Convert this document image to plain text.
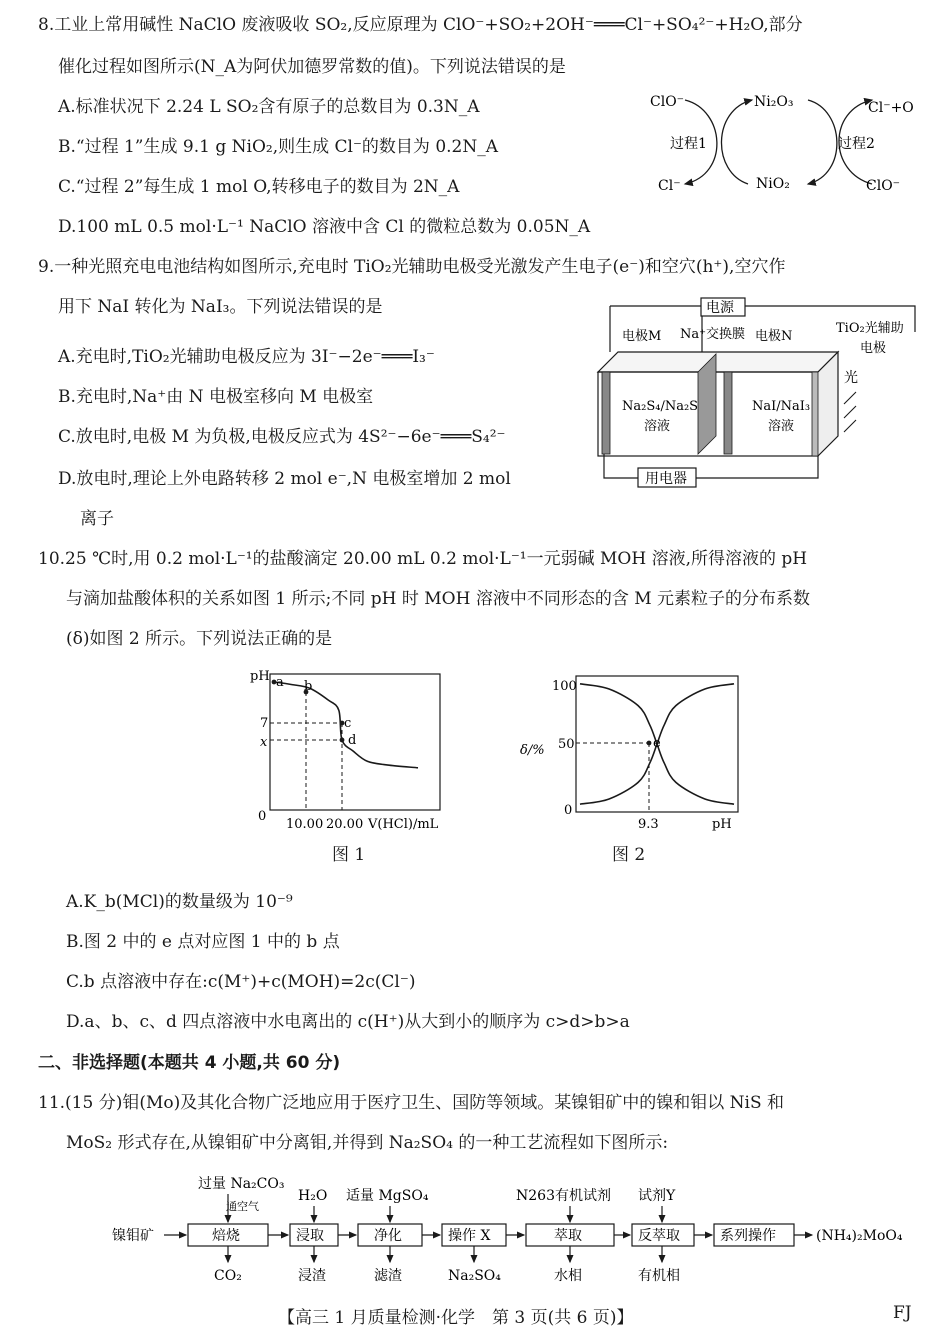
8.工业上常用碱性 NaClO 废液吸收 SO₂,反应原理为 ClO⁻+SO₂+2OH⁻═══Cl⁻+SO₄²⁻+H₂O,部分
催化过程如图所示(N_A为阿伏加德罗常数的值)。下列说法错误的是
A.标准状况下 2.24 L SO₂含有原子的总数目为 0.3N_A
B.“过程 1”生成 9.1 g NiO₂,则生成 Cl⁻的数目为 0.2N_A
C.“过程 2”每生成 1 mol O,转移电子的数目为 2N_A
D.100 mL 0.5 mol·L⁻¹ NaClO 溶液中含 Cl 的微粒总数为 0.05N_A
ClO⁻
Cl⁻
Ni₂O₃
NiO₂
Cl⁻+O
ClO⁻
过程1	过程2
9.一种光照充电电池结构如图所示,充电时 TiO₂光辅助电极受光激发产生电子(e⁻)和空穴(h⁺),空穴作
用下 NaI 转化为 NaI₃。下列说法错误的是
A.充电时,TiO₂光辅助电极反应为 3I⁻−2e⁻═══I₃⁻
B.充电时,Na⁺由 N 电极室移向 M 电极室
C.放电时,电极 M 为负极,电极反应式为 4S²⁻−6e⁻═══S₄²⁻
D.放电时,理论上外电路转移 2 mol e⁻,N 电极室增加 2 mol
离子
电源
电极M Na⁺交换膜 电极N
TiO₂光辅助
电极
Na₂S₄/Na₂S
溶液
NaI/NaI₃
溶液
光
用电器
10.25 ℃时,用 0.2 mol·L⁻¹的盐酸滴定 20.00 mL 0.2 mol·L⁻¹一元弱碱 MOH 溶液,所得溶液的 pH
与滴加盐酸体积的关系如图 1 所示;不同 pH 时 MOH 溶液中不同形态的含 M 元素粒子的分布系数
(δ)如图 2 所示。下列说法正确的是
pH
0
x
7
10.00 20.00 V(HCl)/mL
a b
c
d
图 1
100
50
0
δ/%
9.3	pH
e
图 2
A.K_b(MCl)的数量级为 10⁻⁹
B.图 2 中的 e 点对应图 1 中的 b 点
C.b 点溶液中存在:c(M⁺)+c(MOH)=2c(Cl⁻)
D.a、b、c、d 四点溶液中水电离出的 c(H⁺)从大到小的顺序为 c>d>b>a
二、非选择题(本题共 4 小题,共 60 分)
11.(15 分)钼(Mo)及其化合物广泛地应用于医疗卫生、国防等领域。某镍钼矿中的镍和钼以 NiS 和
MoS₂ 形式存在,从镍钼矿中分离钼,并得到 Na₂SO₄ 的一种工艺流程如下图所示:
镍钼矿
过量 Na₂CO₃
通空气
H₂O 适量 MgSO₄	N263有机试剂 试剂Y
焙烧	浸取	净化	操作 X	萃取	反萃取	系列操作	(NH₄)₂MoO₄
CO₂	浸渣	滤渣	Na₂SO₄	水相	有机相
【高三 1 月质量检测·化学　第 3 页(共 6 页)】	FJ
